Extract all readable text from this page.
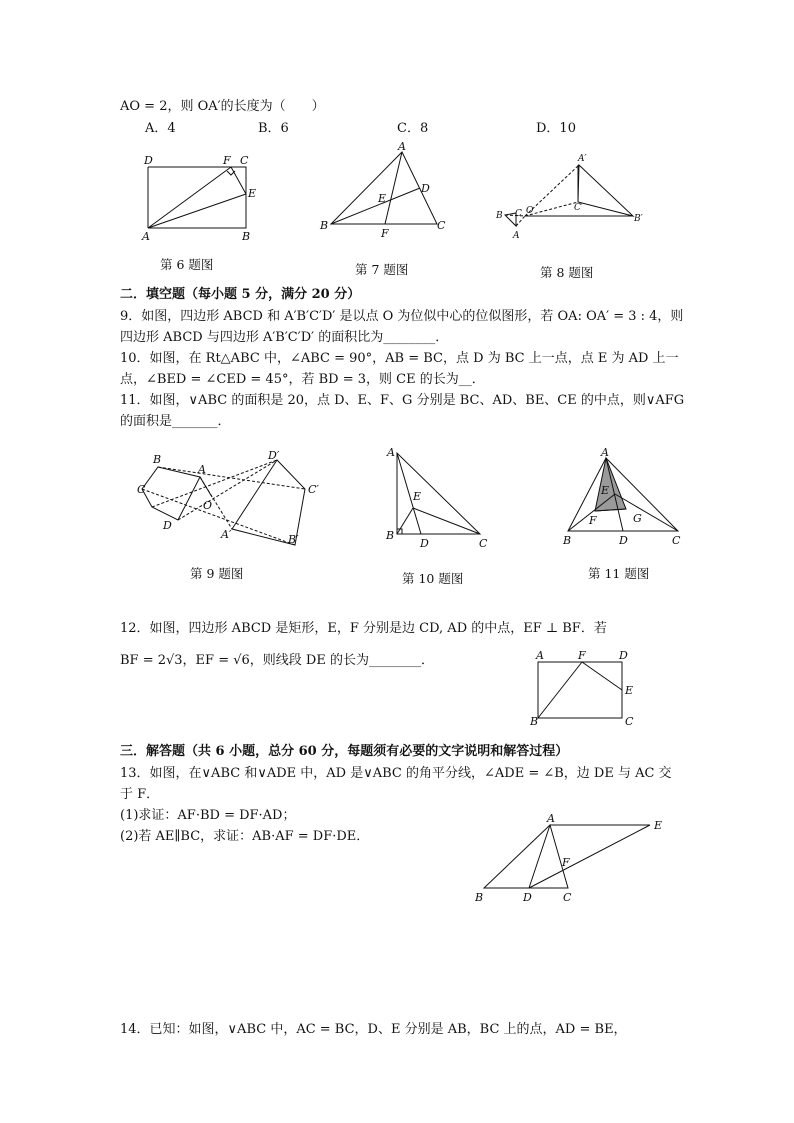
AO = 2，则 OA′的长度为（　　）
A．4	B．6	C．8	D．10
D	F C
E
A	B
第 6 题图
A
D
E
B
F
C
第 7 题图
A′
O	C′
B′
B C
A
第 8 题图
二．填空题（每小题 5 分，满分 20 分）
9．如图，四边形 ABCD 和 A′B′C′D′ 是以点 O 为位似中心的位似图形，若 OA: OA′ = 3 : 4，则
四边形 ABCD 与四边形 A′B′C′D′ 的面积比为________．
10．如图，在 Rt△ABC 中，∠ABC = 90°，AB = BC，点 D 为 BC 上一点，点 E 为 AD 上一
点，∠BED = ∠CED = 45°，若 BD = 3，则 CE 的长为__．
11．如图，∨ABC 的面积是 20，点 D、E、F、G 分别是 BC、AD、BE、CE 的中点，则∨AFG
的面积是_______．
B
A
C
D
O
D′
C′
A′	B′
第 9 题图
A
E
B
D	C
第 10 题图
A
E
F	G
B	D	C
第 11 题图
12．如图，四边形 ABCD 是矩形，E，F 分别是边 CD, AD 的中点，EF ⊥ BF．若
BF = 2√3，EF = √6，则线段 DE 的长为________．	A	F	D
E
B	C
三．解答题（共 6 小题，总分 60 分，每题须有必要的文字说明和解答过程）
13．如图，在∨ABC 和∨ADE 中，AD 是∨ABC 的角平分线，∠ADE = ∠B，边 DE 与 AC 交
于 F．
(1)求证：AF·BD = DF·AD；
(2)若 AE∥BC，求证：AB·AF = DF·DE．
A
E
F
B	D	C
14．已知：如图，∨ABC 中，AC = BC，D、E 分别是 AB，BC 上的点，AD = BE，
